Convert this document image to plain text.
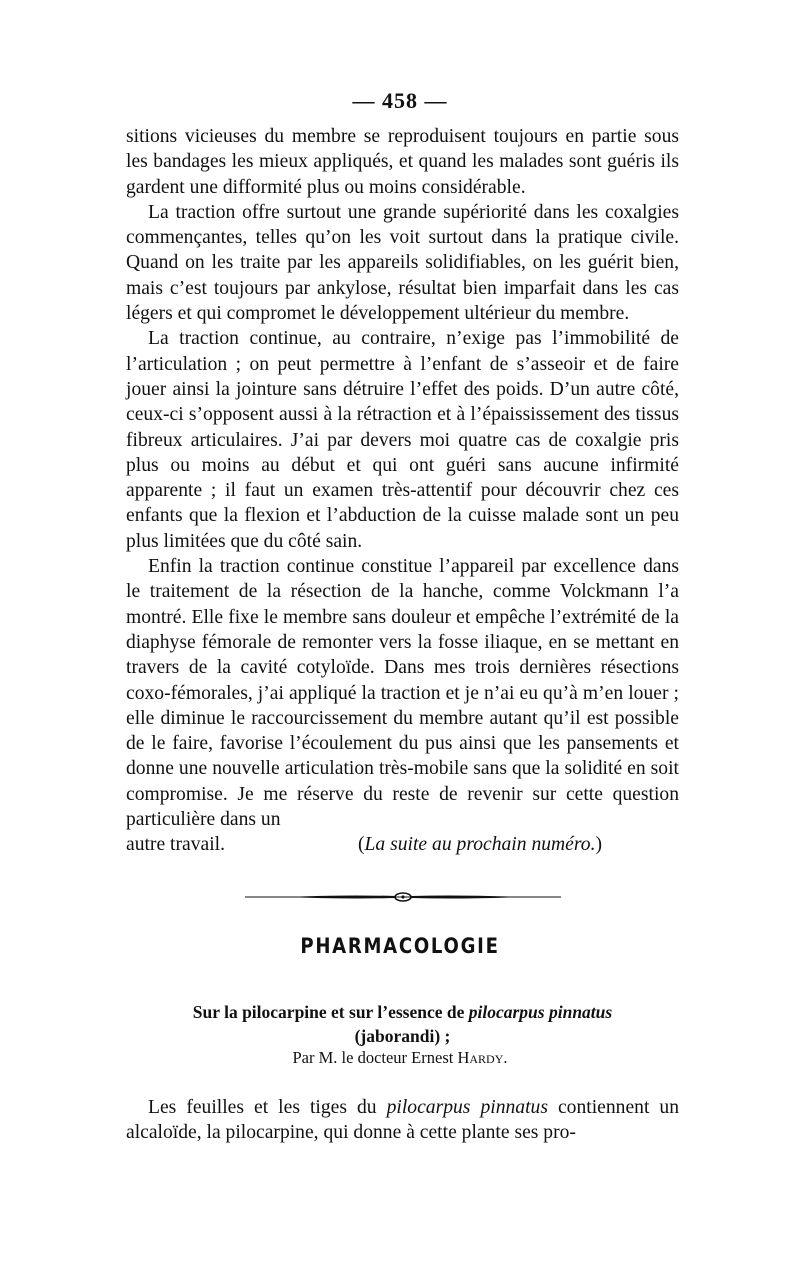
— 458 —

sitions vicieuses du membre se reproduisent toujours en partie sous les bandages les mieux appliqués, et quand les malades sont guéris ils gardent une difformité plus ou moins considérable.

La traction offre surtout une grande supériorité dans les coxalgies commençantes, telles qu’on les voit surtout dans la pratique civile. Quand on les traite par les appareils solidifiables, on les guérit bien, mais c’est toujours par ankylose, résultat bien imparfait dans les cas légers et qui compromet le développement ultérieur du membre.

La traction continue, au contraire, n’exige pas l’immobilité de l’articulation ; on peut permettre à l’enfant de s’asseoir et de faire jouer ainsi la jointure sans détruire l’effet des poids. D’un autre côté, ceux-ci s’opposent aussi à la rétraction et à l’épaississement des tissus fibreux articulaires. J’ai par devers moi quatre cas de coxalgie pris plus ou moins au début et qui ont guéri sans aucune infirmité apparente ; il faut un examen très-attentif pour découvrir chez ces enfants que la flexion et l’abduction de la cuisse malade sont un peu plus limitées que du côté sain.

Enfin la traction continue constitue l’appareil par excellence dans le traitement de la résection de la hanche, comme Volckmann l’a montré. Elle fixe le membre sans douleur et empêche l’extrémité de la diaphyse fémorale de remonter vers la fosse iliaque, en se mettant en travers de la cavité cotyloïde. Dans mes trois dernières résections coxo-fémorales, j’ai appliqué la traction et je n’ai eu qu’à m’en louer ; elle diminue le raccourcissement du membre autant qu’il est possible de le faire, favorise l’écoulement du pus ainsi que les pansements et donne une nouvelle articulation très-mobile sans que la solidité en soit compromise. Je me réserve du reste de revenir sur cette question particulière dans un

autre travail.	(La suite au prochain numéro.)
PHARMACOLOGIE
Sur la pilocarpine et sur l’essence de pilocarpus pinnatus
(jaborandi) ;
Par M. le docteur Ernest Hardy.
Les feuilles et les tiges du pilocarpus pinnatus contiennent un alcaloïde, la pilocarpine, qui donne à cette plante ses pro-
